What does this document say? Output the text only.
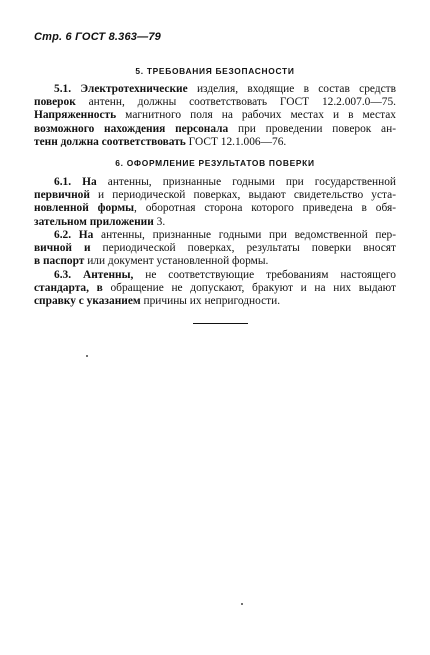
Стр. 6 ГОСТ 8.363—79
5. ТРЕБОВАНИЯ БЕЗОПАСНОСТИ
5.1. Электротехнические изделия, входящие в состав средств
поверок антенн, должны соответствовать ГОСТ 12.2.007.0—75.
Напряженность магнитного поля на рабочих местах и в местах
возможного нахождения персонала при проведении поверок ан-
тенн должна соответствовать ГОСТ 12.1.006—76.
6. ОФОРМЛЕНИЕ РЕЗУЛЬТАТОВ ПОВЕРКИ
6.1. На антенны, признанные годными при государственной
первичной и периодической поверках, выдают свидетельство уста-
новленной формы, оборотная сторона которого приведена в обя-
зательном приложении 3.
6.2. На антенны, признанные годными при ведомственной пер-
вичной и периодической поверках, результаты поверки вносят
в паспорт или документ установленной формы.
6.3. Антенны, не соответствующие требованиям настоящего
стандарта, в обращение не допускают, бракуют и на них выдают
справку с указанием причины их непригодности.
